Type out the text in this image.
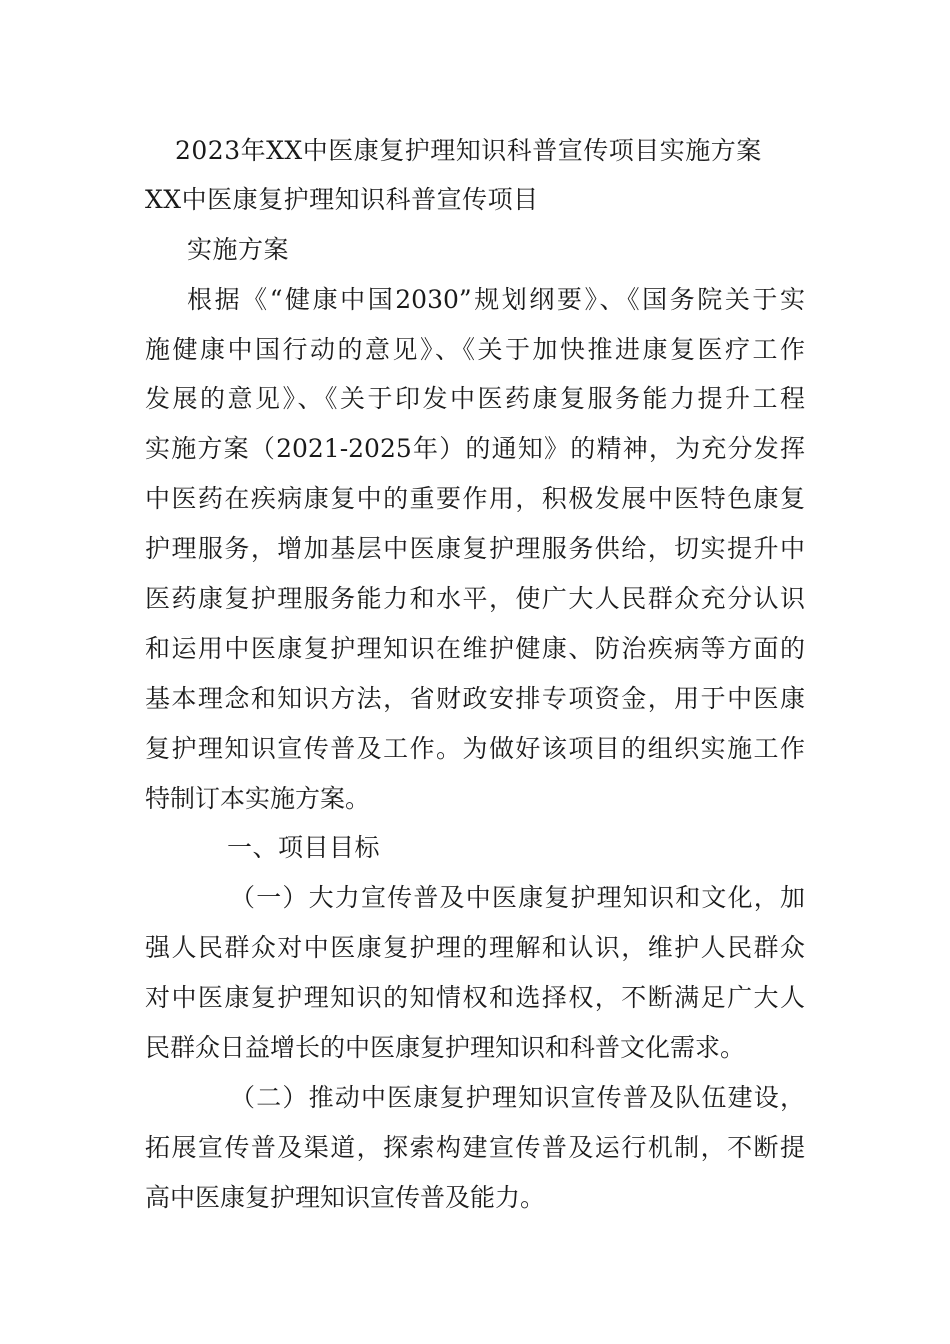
2023年XX中医康复护理知识科普宣传项目实施方案
XX中医康复护理知识科普宣传项目
实施方案
根据《“健康中国2030”规划纲要》、《国务院关于实
施健康中国行动的意见》、《关于加快推进康复医疗工作
发展的意见》、《关于印发中医药康复服务能力提升工程
实施方案（2021-2025年）的通知》的精神，为充分发挥
中医药在疾病康复中的重要作用，积极发展中医特色康复
护理服务，增加基层中医康复护理服务供给，切实提升中
医药康复护理服务能力和水平，使广大人民群众充分认识
和运用中医康复护理知识在维护健康、防治疾病等方面的
基本理念和知识方法，省财政安排专项资金，用于中医康
复护理知识宣传普及工作。为做好该项目的组织实施工作
特制订本实施方案。
一、项目目标
（一）大力宣传普及中医康复护理知识和文化，加
强人民群众对中医康复护理的理解和认识，维护人民群众
对中医康复护理知识的知情权和选择权，不断满足广大人
民群众日益增长的中医康复护理知识和科普文化需求。
（二）推动中医康复护理知识宣传普及队伍建设，
拓展宣传普及渠道，探索构建宣传普及运行机制，不断提
高中医康复护理知识宣传普及能力。
